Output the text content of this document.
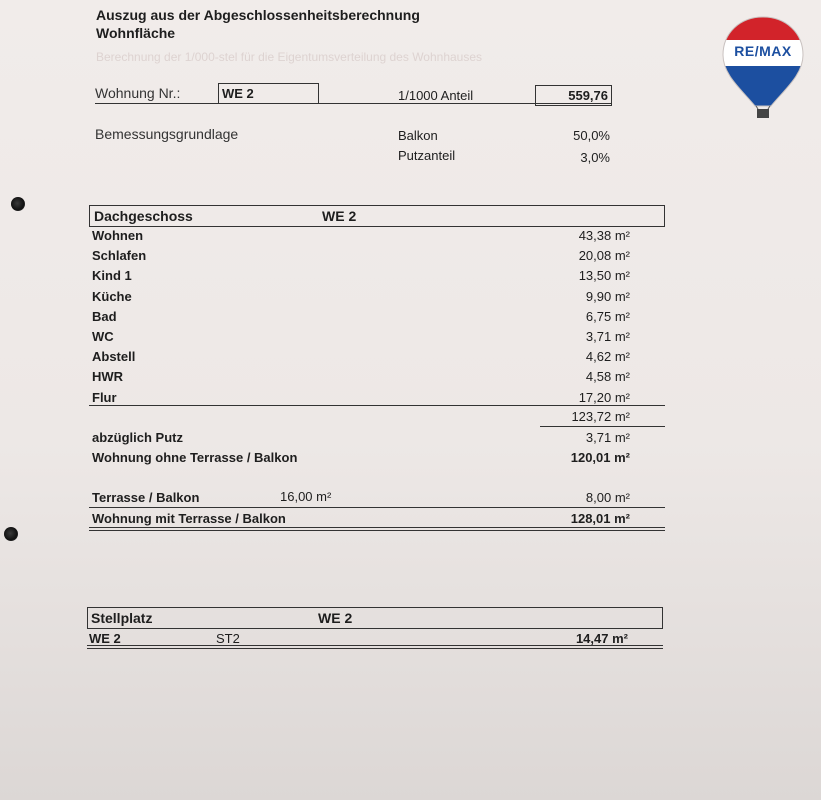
Auszug aus der Abgeschlossenheitsberechnung
Wohnfläche
Berechnung der 1/000-stel für die Eigentumsverteilung des Wohnhauses	RE/MAX
Wohnung Nr.:	WE 2	1/1000 Anteil	559,76
Bemessungsgrundlage	Balkon	50,0%
Putzanteil	3,0%
Dachgeschoss	WE 2
Wohnen	43,38 m²
Schlafen	20,08 m²
Kind 1	13,50 m²
Küche	9,90 m²
Bad	6,75 m²
WC	3,71 m²
Abstell	4,62 m²
HWR	4,58 m²
Flur	17,20 m²
123,72 m²
abzüglich Putz	3,71 m²
Wohnung ohne Terrasse / Balkon	120,01 m²
Terrasse / Balkon	16,00 m²	8,00 m²
Wohnung mit Terrasse / Balkon	128,01 m²
Stellplatz	WE 2
WE 2	ST2	14,47 m²
